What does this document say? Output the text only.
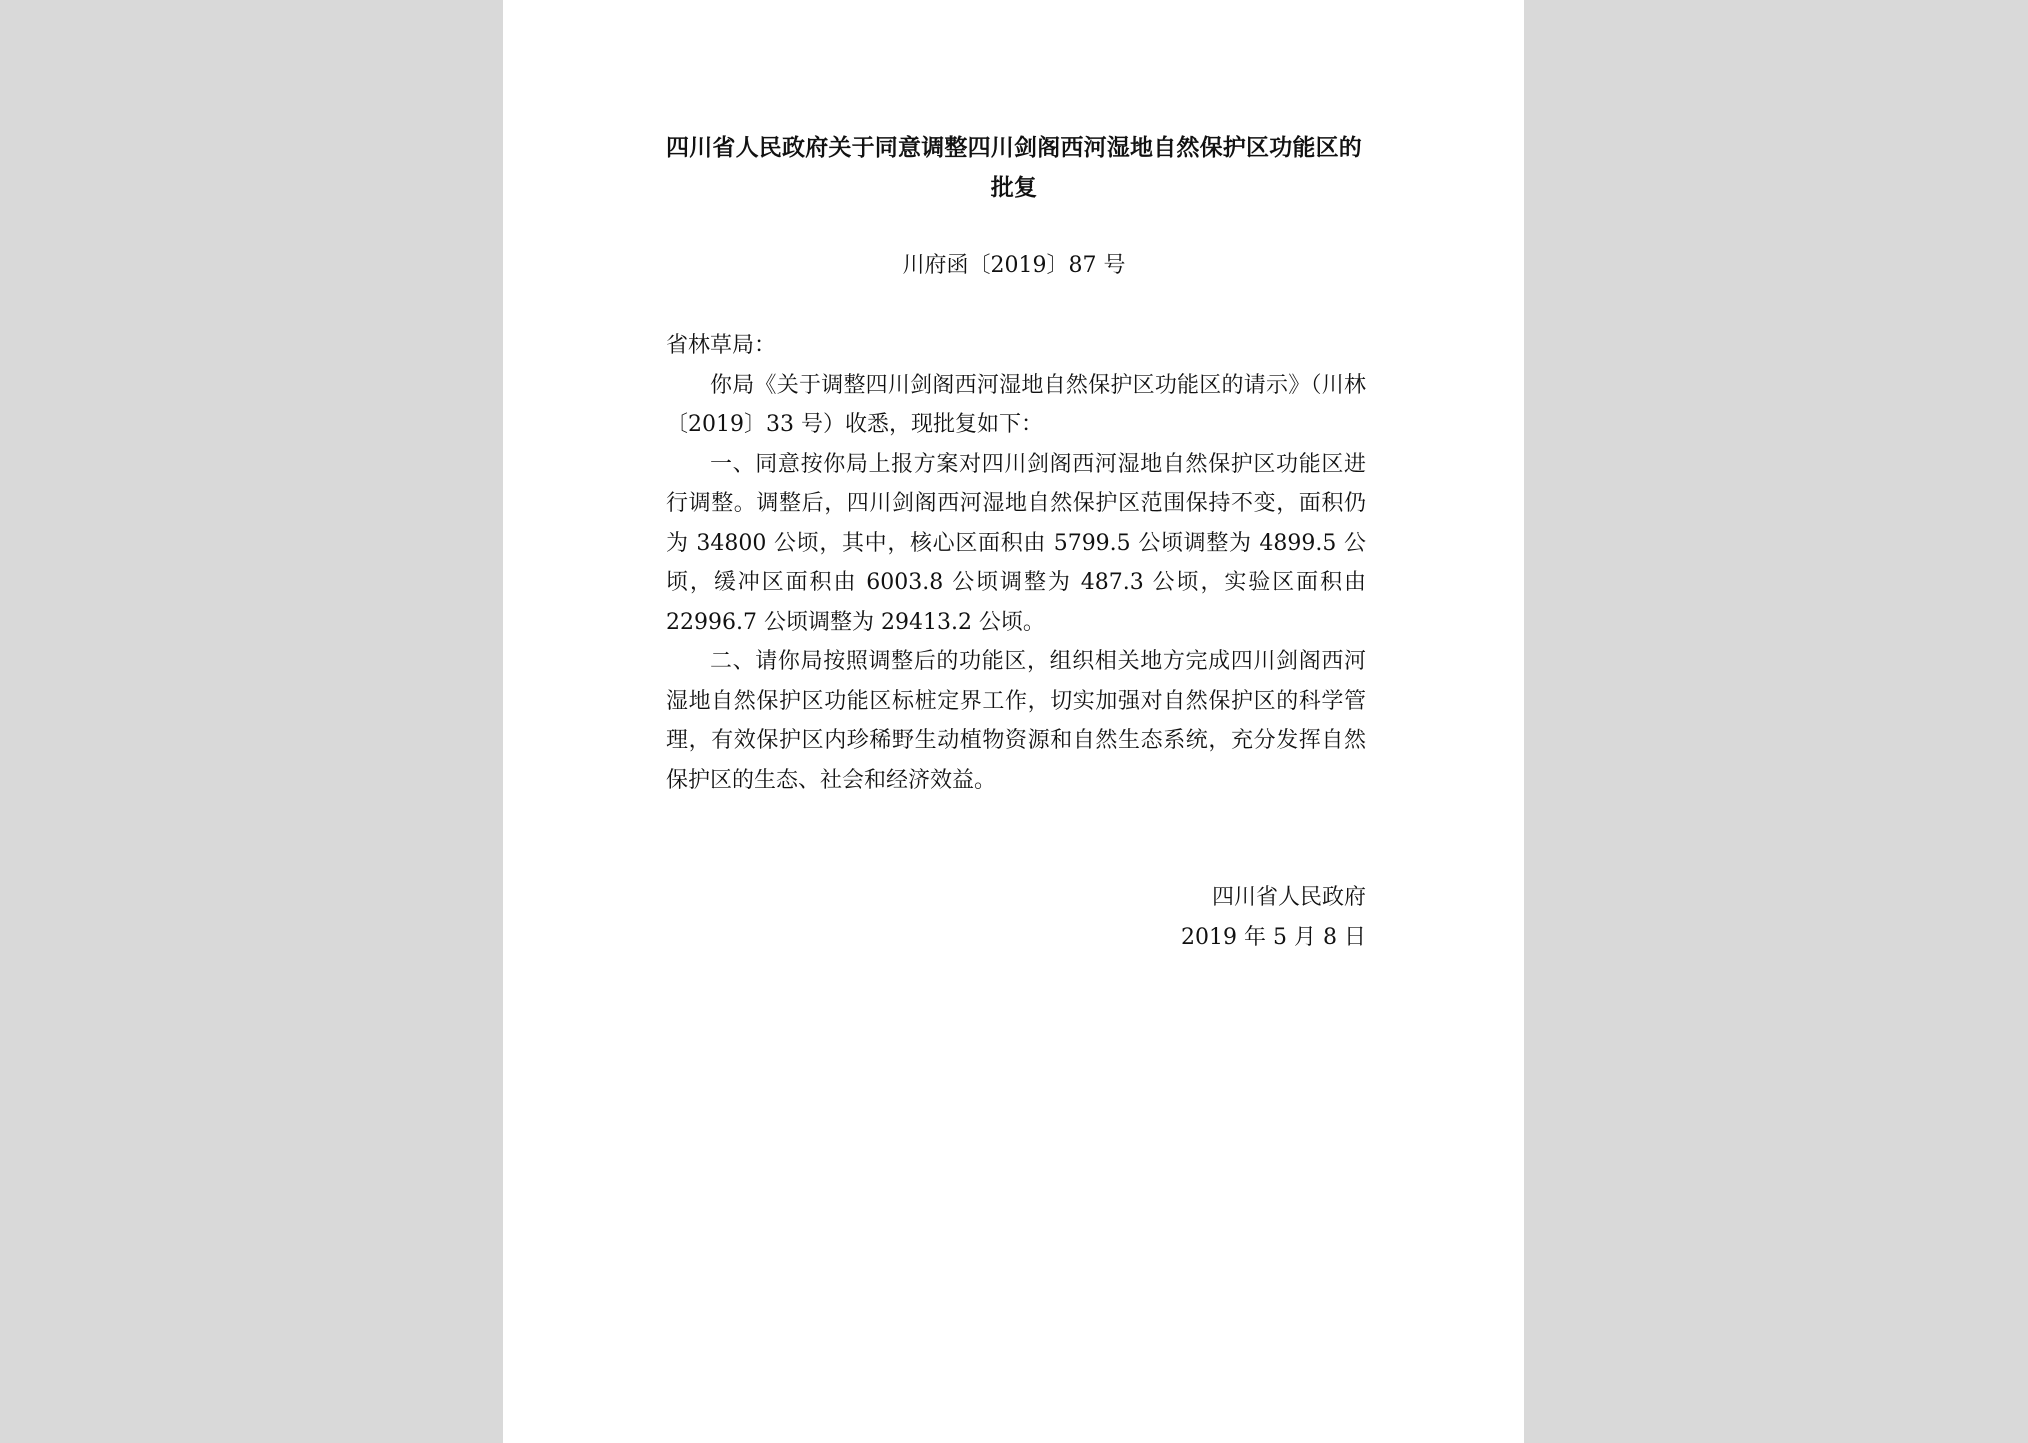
四川省人民政府关于同意调整四川剑阁西河湿地自然保护区功能区的批复
川府函〔2019〕87 号

省林草局：

你局《关于调整四川剑阁西河湿地自然保护区功能区的请示》（川林〔2019〕33 号）收悉，现批复如下：

一、同意按你局上报方案对四川剑阁西河湿地自然保护区功能区进行调整。调整后，四川剑阁西河湿地自然保护区范围保持不变，面积仍为 34800 公顷，其中，核心区面积由 5799.5 公顷调整为 4899.5 公顷，缓冲区面积由 6003.8 公顷调整为 487.3 公顷，实验区面积由 22996.7 公顷调整为 29413.2 公顷。

二、请你局按照调整后的功能区，组织相关地方完成四川剑阁西河湿地自然保护区功能区标桩定界工作，切实加强对自然保护区的科学管理，有效保护区内珍稀野生动植物资源和自然生态系统，充分发挥自然保护区的生态、社会和经济效益。

四川省人民政府
2019 年 5 月 8 日
